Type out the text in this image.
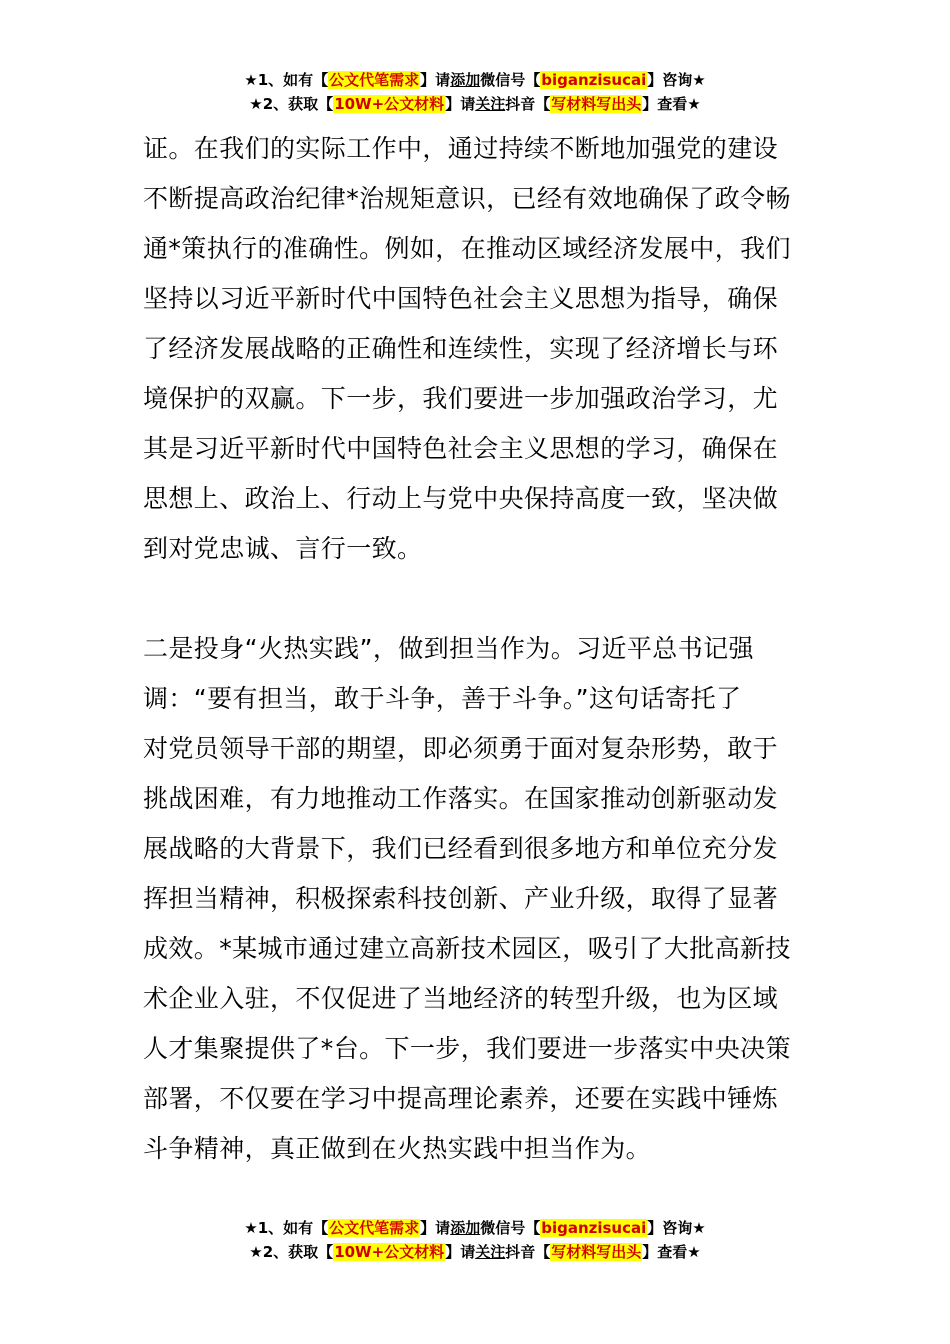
★1、如有【公文代笔需求】请添加微信号【biganzisucai】咨询★
★2、获取【10W+公文材料】请关注抖音【写材料写出头】查看★

证。在我们的实际工作中，通过持续不断地加强党的建设
不断提高政治纪律*治规矩意识，已经有效地确保了政令畅
通*策执行的准确性。例如，在推动区域经济发展中，我们
坚持以习近平新时代中国特色社会主义思想为指导，确保
了经济发展战略的正确性和连续性，实现了经济增长与环
境保护的双赢。下一步，我们要进一步加强政治学习，尤
其是习近平新时代中国特色社会主义思想的学习，确保在
思想上、政治上、行动上与党中央保持高度一致，坚决做
到对党忠诚、言行一致。

二是投身“火热实践”，做到担当作为。习近平总书记强
调：“要有担当，敢于斗争，善于斗争。”这句话寄托了
对党员领导干部的期望，即必须勇于面对复杂形势，敢于
挑战困难，有力地推动工作落实。在国家推动创新驱动发
展战略的大背景下，我们已经看到很多地方和单位充分发
挥担当精神，积极探索科技创新、产业升级，取得了显著
成效。*某城市通过建立高新技术园区，吸引了大批高新技
术企业入驻，不仅促进了当地经济的转型升级，也为区域
人才集聚提供了*台。下一步，我们要进一步落实中央决策
部署，不仅要在学习中提高理论素养，还要在实践中锤炼
斗争精神，真正做到在火热实践中担当作为。

★1、如有【公文代笔需求】请添加微信号【biganzisucai】咨询★
★2、获取【10W+公文材料】请关注抖音【写材料写出头】查看★
